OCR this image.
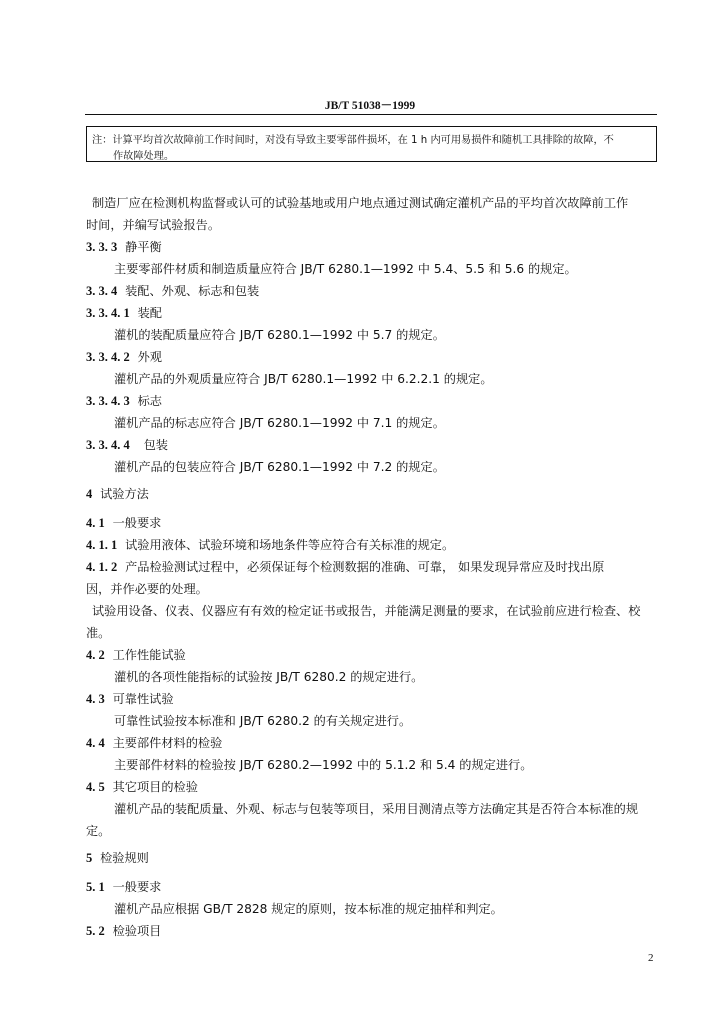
JB/T 51038－1999
注：计算平均首次故障前工作时间时，对没有导致主要零部件损坏，在 1 h 内可用易损件和随机工具排除的故障，不
作故障处理。
制造厂应在检测机构监督或认可的试验基地或用户地点通过测试确定灌机产品的平均首次故障前工作
时间，并编写试验报告。
3. 3. 3 静平衡
主要零部件材质和制造质量应符合 JB/T 6280.1—1992 中 5.4、5.5 和 5.6 的规定。
3. 3. 4 装配、外观、标志和包装
3. 3. 4. 1 装配
灌机的装配质量应符合 JB/T 6280.1—1992 中 5.7 的规定。
3. 3. 4. 2 外观
灌机产品的外观质量应符合 JB/T 6280.1—1992 中 6.2.2.1 的规定。
3. 3. 4. 3 标志
灌机产品的标志应符合 JB/T 6280.1—1992 中 7.1 的规定。
3. 3. 4. 4 包装
灌机产品的包装应符合 JB/T 6280.1—1992 中 7.2 的规定。
4 试验方法
4. 1 一般要求
4. 1. 1 试验用液体、试验环境和场地条件等应符合有关标准的规定。
4. 1. 2 产品检验测试过程中，必须保证每个检测数据的准确、可靠， 如果发现异常应及时找出原
因，并作必要的处理。
试验用设备、仪表、仪器应有有效的检定证书或报告，并能满足测量的要求，在试验前应进行检查、校
准。
4. 2 工作性能试验
灌机的各项性能指标的试验按 JB/T 6280.2 的规定进行。
4. 3 可靠性试验
可靠性试验按本标准和 JB/T 6280.2 的有关规定进行。
4. 4 主要部件材料的检验
主要部件材料的检验按 JB/T 6280.2—1992 中的 5.1.2 和 5.4 的规定进行。
4. 5 其它项目的检验
灌机产品的装配质量、外观、标志与包装等项目，采用目测清点等方法确定其是否符合本标准的规
定。
5 检验规则
5. 1 一般要求
灌机产品应根据 GB/T 2828 规定的原则，按本标准的规定抽样和判定。
5. 2 检验项目
2
